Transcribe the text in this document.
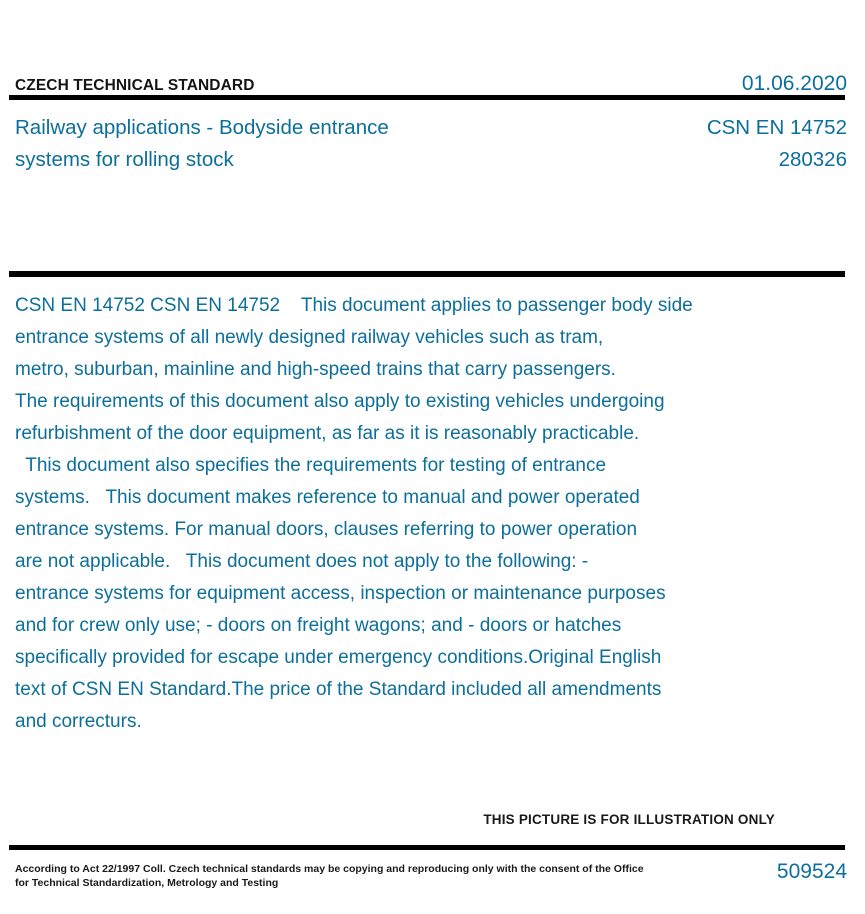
CZECH TECHNICAL STANDARD	01.06.2020
Railway applications - Bodyside entrance
systems for rolling stock
CSN EN 14752
280326
CSN EN 14752 CSN EN 14752    This document applies to passenger body side
entrance systems of all newly designed railway vehicles such as tram,
metro, suburban, mainline and high-speed trains that carry passengers.
The requirements of this document also apply to existing vehicles undergoing
refurbishment of the door equipment, as far as it is reasonably practicable.
This document also specifies the requirements for testing of entrance
systems.   This document makes reference to manual and power operated
entrance systems. For manual doors, clauses referring to power operation
are not applicable.   This document does not apply to the following: -
entrance systems for equipment access, inspection or maintenance purposes
and for crew only use; - doors on freight wagons; and - doors or hatches
specifically provided for escape under emergency conditions.Original English
text of CSN EN Standard.The price of the Standard included all amendments
and correcturs.
THIS PICTURE IS FOR ILLUSTRATION ONLY
According to Act 22/1997 Coll. Czech technical standards may be copying and reproducing only with the consent of the Office
for Technical Standardization, Metrology and Testing	509524
